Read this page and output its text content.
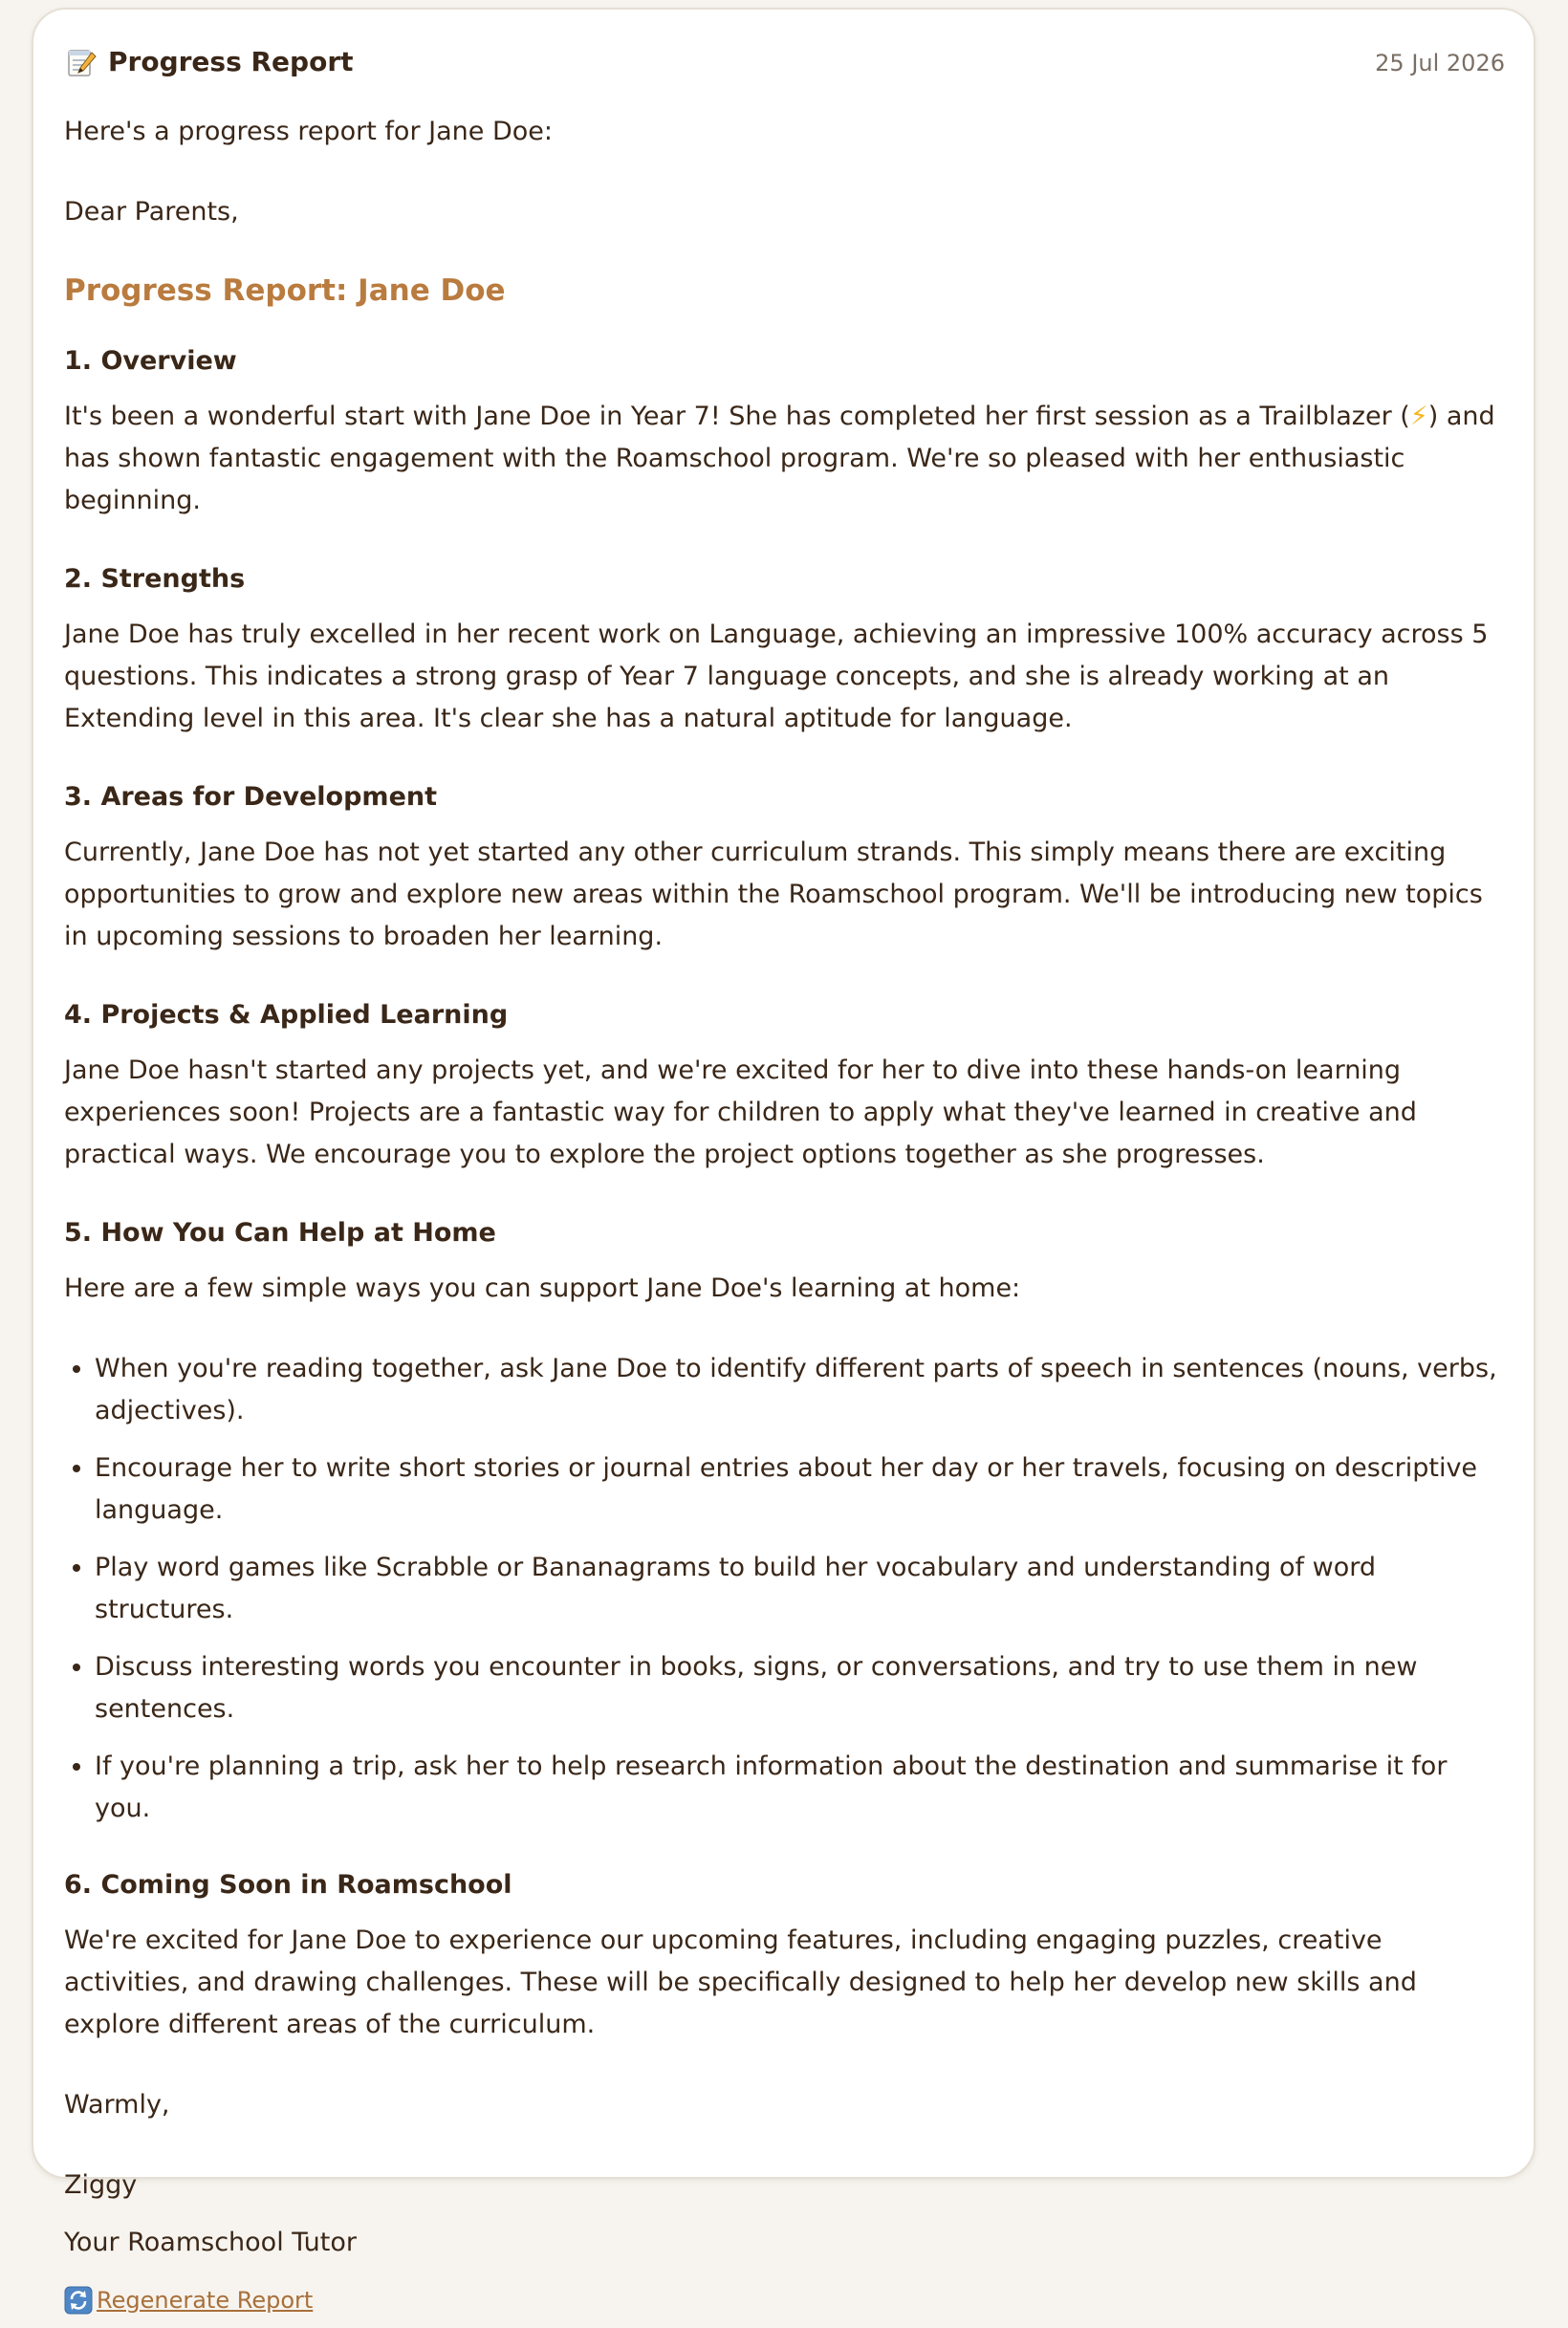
Progress Report	25 Jul 2026

Here's a progress report for Jane Doe:

Dear Parents,

Progress Report: Jane Doe
1. Overview

It's been a wonderful start with Jane Doe in Year 7! She has completed her first session as a Trailblazer (⚡) and has shown fantastic engagement with the Roamschool program. We're so pleased with her enthusiastic beginning.

2. Strengths

Jane Doe has truly excelled in her recent work on Language, achieving an impressive 100% accuracy across 5 questions. This indicates a strong grasp of Year 7 language concepts, and she is already working at an Extending level in this area. It's clear she has a natural aptitude for language.

3. Areas for Development

Currently, Jane Doe has not yet started any other curriculum strands. This simply means there are exciting opportunities to grow and explore new areas within the Roamschool program. We'll be introducing new topics in upcoming sessions to broaden her learning.

4. Projects & Applied Learning

Jane Doe hasn't started any projects yet, and we're excited for her to dive into these hands-on learning experiences soon! Projects are a fantastic way for children to apply what they've learned in creative and practical ways. We encourage you to explore the project options together as she progresses.

5. How You Can Help at Home

Here are a few simple ways you can support Jane Doe's learning at home:

• When you're reading together, ask Jane Doe to identify different parts of speech in sentences (nouns, verbs, adjectives).
• Encourage her to write short stories or journal entries about her day or her travels, focusing on descriptive language.
• Play word games like Scrabble or Bananagrams to build her vocabulary and understanding of word structures.
• Discuss interesting words you encounter in books, signs, or conversations, and try to use them in new sentences.
• If you're planning a trip, ask her to help research information about the destination and summarise it for you.
6. Coming Soon in Roamschool

We're excited for Jane Doe to experience our upcoming features, including engaging puzzles, creative activities, and drawing challenges. These will be specifically designed to help her develop new skills and explore different areas of the curriculum.

Warmly,

Ziggy

Your Roamschool Tutor

Regenerate Report
